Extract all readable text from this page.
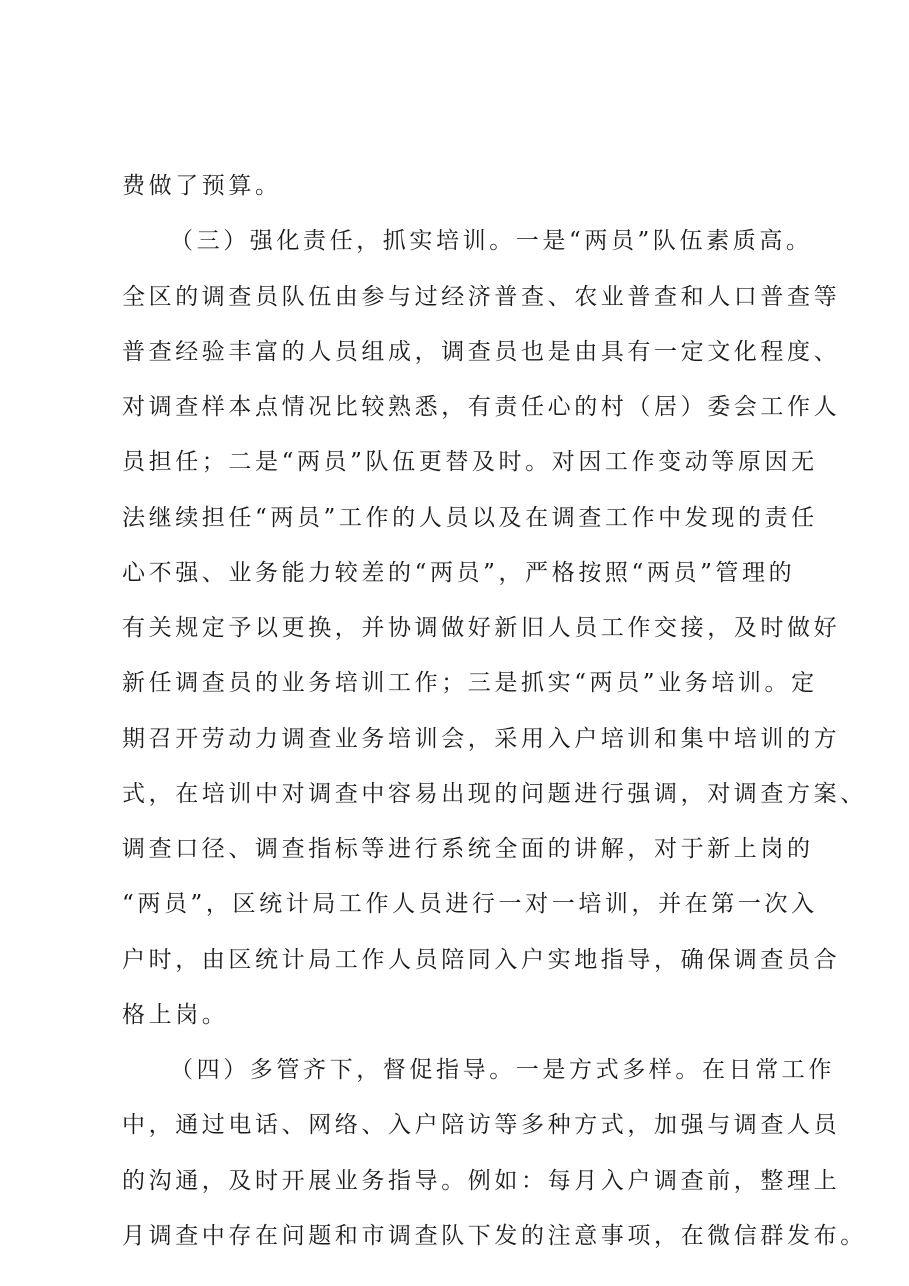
费做了预算。
（三）强化责任，抓实培训。一是“两员”队伍素质高。
全区的调查员队伍由参与过经济普查、农业普查和人口普查等
普查经验丰富的人员组成，调查员也是由具有一定文化程度、
对调查样本点情况比较熟悉，有责任心的村（居）委会工作人
员担任；二是“两员”队伍更替及时。对因工作变动等原因无
法继续担任“两员”工作的人员以及在调查工作中发现的责任
心不强、业务能力较差的“两员”，严格按照“两员”管理的
有关规定予以更换，并协调做好新旧人员工作交接，及时做好
新任调查员的业务培训工作；三是抓实“两员”业务培训。定
期召开劳动力调查业务培训会，采用入户培训和集中培训的方
式，在培训中对调查中容易出现的问题进行强调，对调查方案、
调查口径、调查指标等进行系统全面的讲解，对于新上岗的
“两员”，区统计局工作人员进行一对一培训，并在第一次入
户时，由区统计局工作人员陪同入户实地指导，确保调查员合
格上岗。
（四）多管齐下，督促指导。一是方式多样。在日常工作
中，通过电话、网络、入户陪访等多种方式，加强与调查人员
的沟通，及时开展业务指导。例如：每月入户调查前，整理上
月调查中存在问题和市调查队下发的注意事项，在微信群发布。
